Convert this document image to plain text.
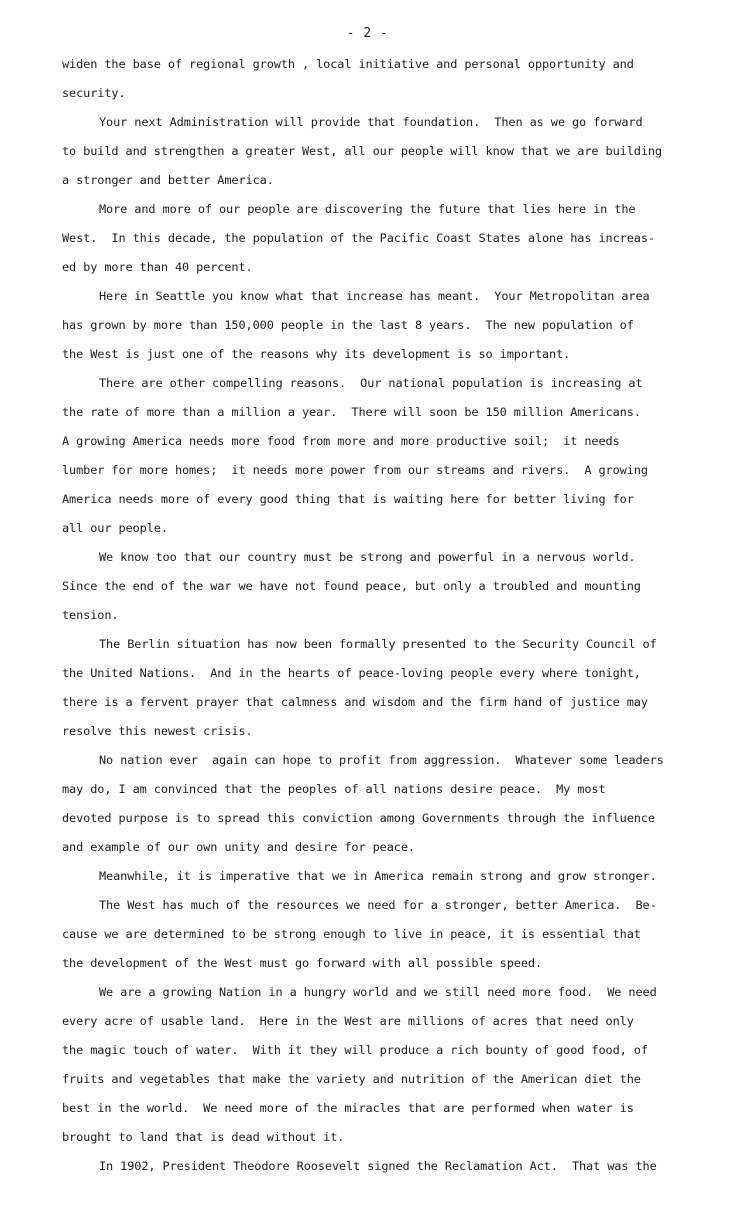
- 2 -
widen the base of regional growth , local initiative and personal opportunity and
security.
Your next Administration will provide that foundation.  Then as we go forward
to build and strengthen a greater West, all our people will know that we are building
a stronger and better America.
More and more of our people are discovering the future that lies here in the
West.  In this decade, the population of the Pacific Coast States alone has increas-
ed by more than 40 percent.
Here in Seattle you know what that increase has meant.  Your Metropolitan area
has grown by more than 150,000 people in the last 8 years.  The new population of
the West is just one of the reasons why its development is so important.
There are other compelling reasons.  Our national population is increasing at
the rate of more than a million a year.  There will soon be 150 million Americans.
A growing America needs more food from more and more productive soil;  it needs
lumber for more homes;  it needs more power from our streams and rivers.  A growing
America needs more of every good thing that is waiting here for better living for
all our people.
We know too that our country must be strong and powerful in a nervous world.
Since the end of the war we have not found peace, but only a troubled and mounting
tension.
The Berlin situation has now been formally presented to the Security Council of
the United Nations.  And in the hearts of peace-loving people every where tonight,
there is a fervent prayer that calmness and wisdom and the firm hand of justice may
resolve this newest crisis.
No nation ever  again can hope to profit from aggression.  Whatever some leaders
may do, I am convinced that the peoples of all nations desire peace.  My most
devoted purpose is to spread this conviction among Governments through the influence
and example of our own unity and desire for peace.
Meanwhile, it is imperative that we in America remain strong and grow stronger.
The West has much of the resources we need for a stronger, better America.  Be-
cause we are determined to be strong enough to live in peace, it is essential that
the development of the West must go forward with all possible speed.
We are a growing Nation in a hungry world and we still need more food.  We need
every acre of usable land.  Here in the West are millions of acres that need only
the magic touch of water.  With it they will produce a rich bounty of good food, of
fruits and vegetables that make the variety and nutrition of the American diet the
best in the world.  We need more of the miracles that are performed when water is
brought to land that is dead without it.
In 1902, President Theodore Roosevelt signed the Reclamation Act.  That was the
